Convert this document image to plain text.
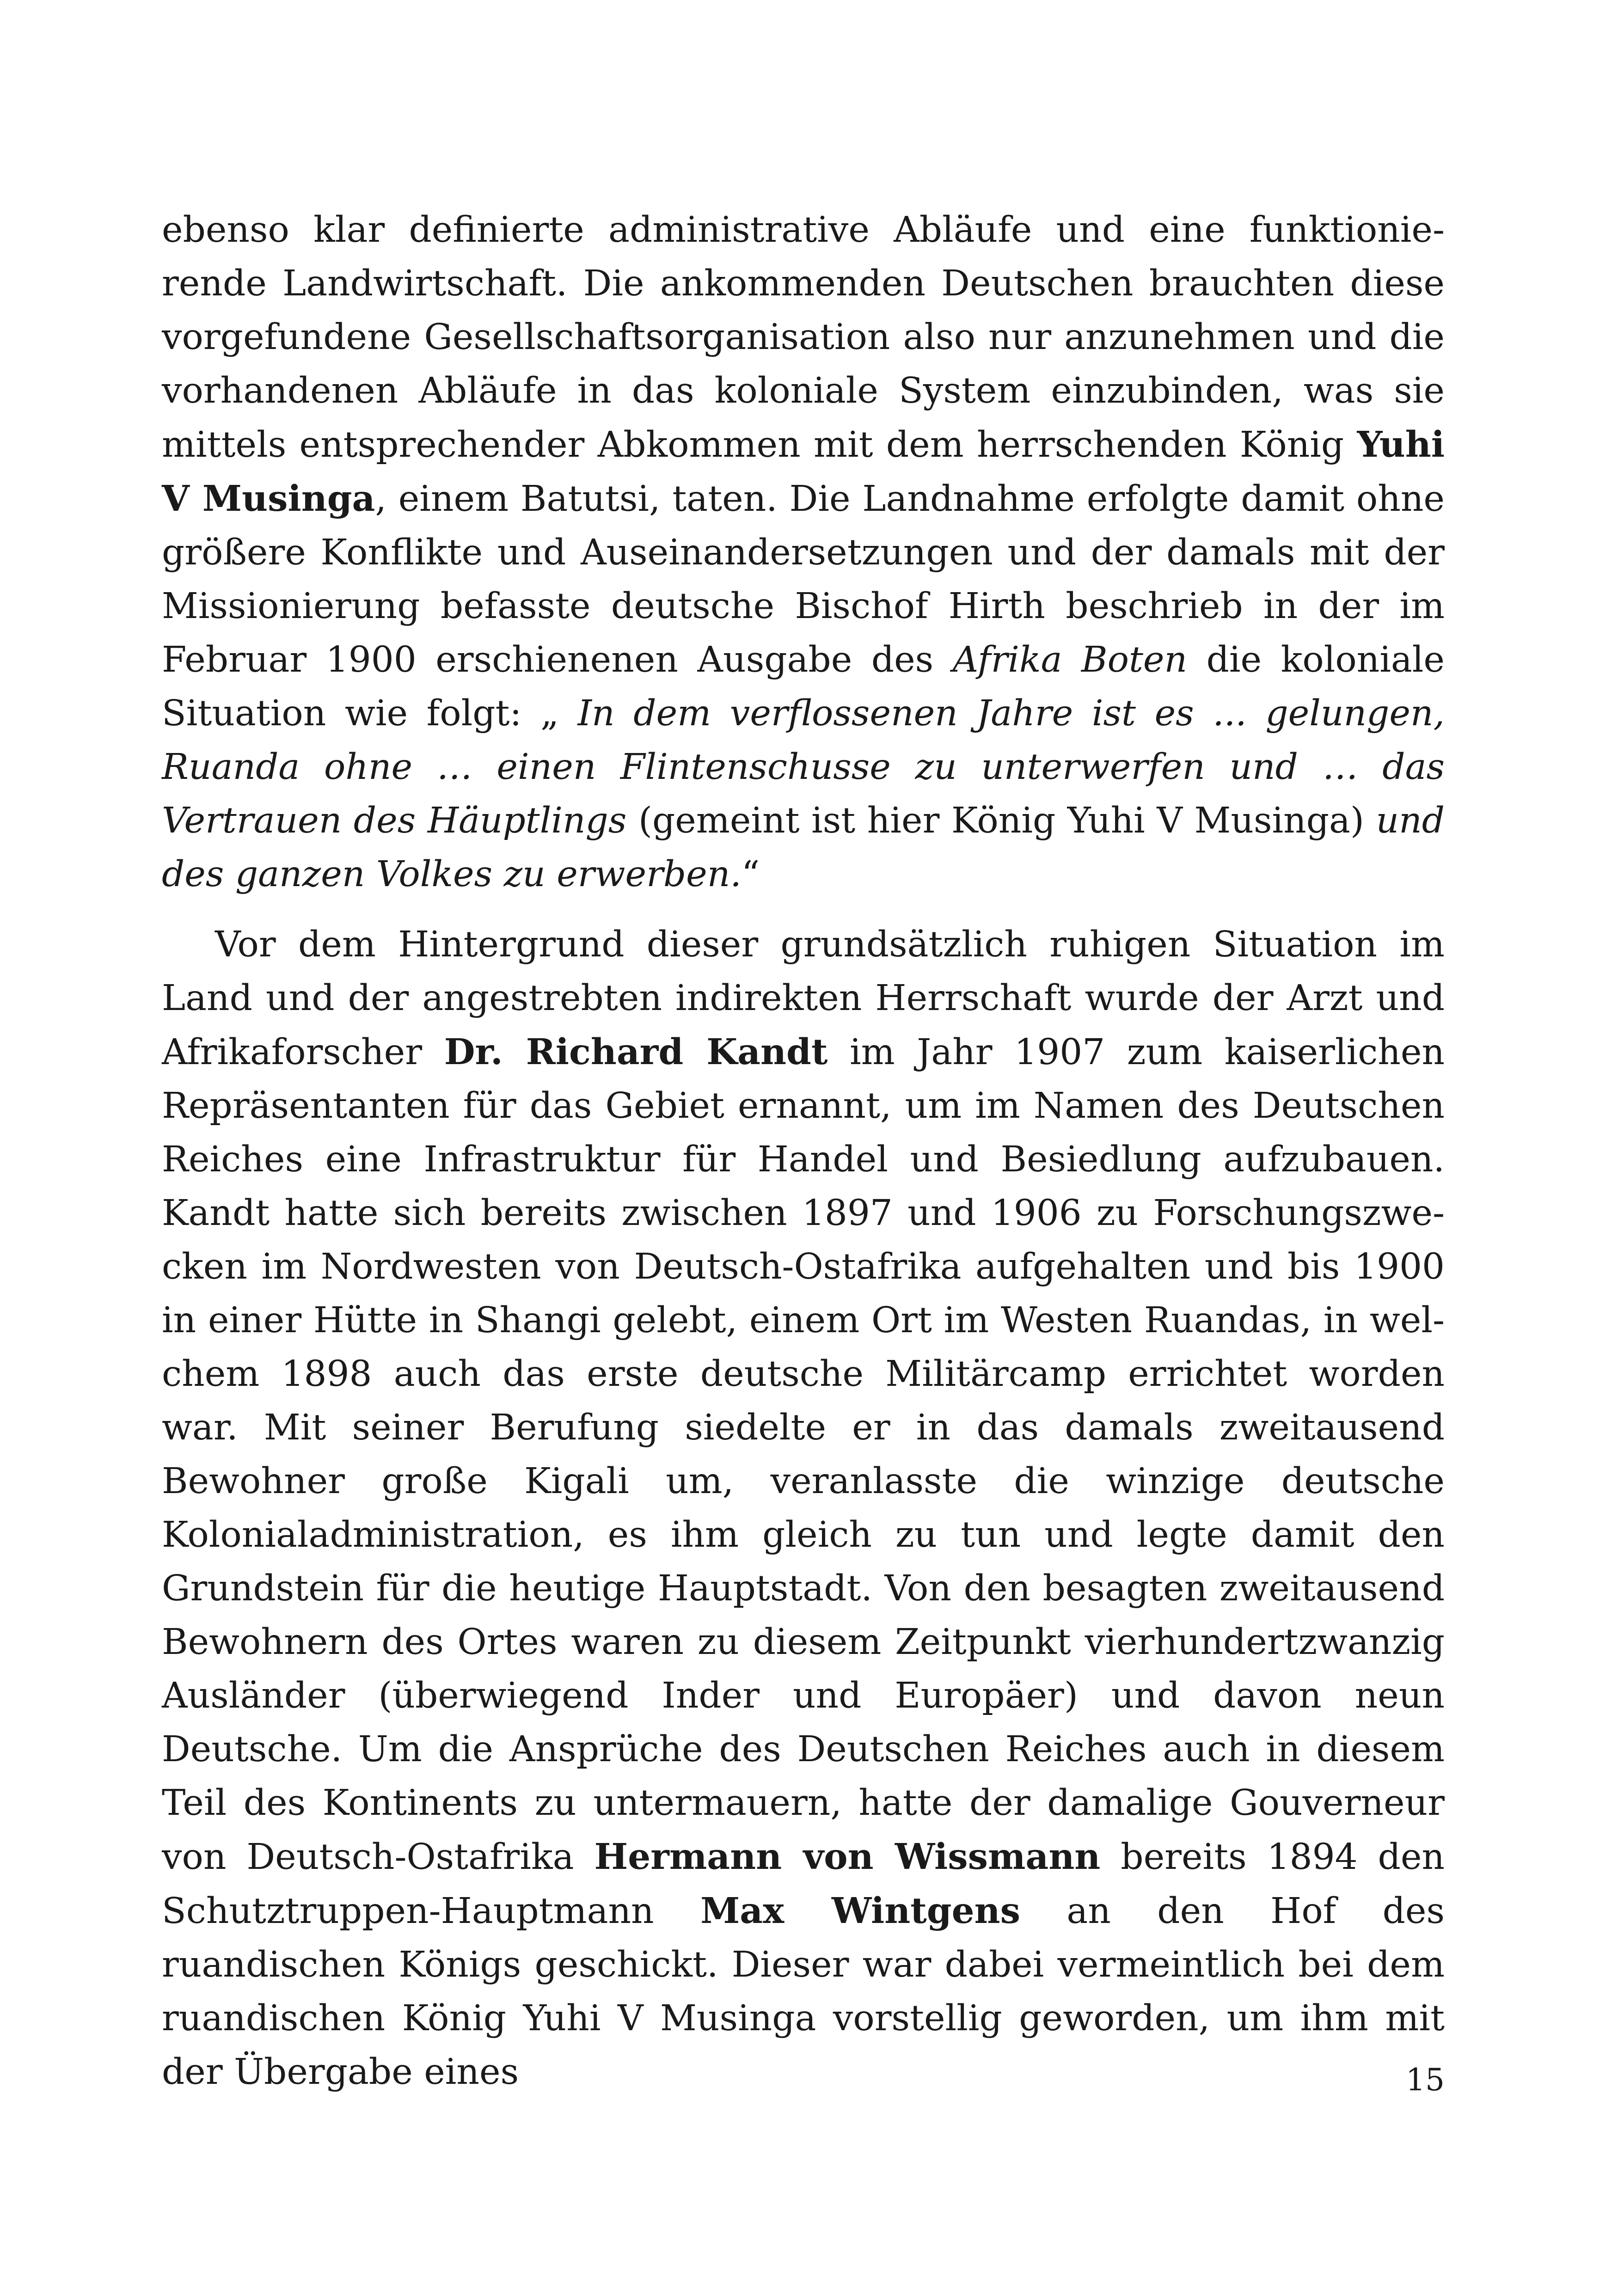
ebenso klar definierte administrative Abläufe und eine funktionierende Landwirtschaft. Die ankommenden Deutschen brauchten diese vorgefundene Gesellschaftsorganisation also nur anzunehmen und die vorhandenen Abläufe in das koloniale System einzubinden, was sie mittels entsprechender Abkommen mit dem herrschenden König Yuhi V Musinga, einem Batutsi, taten. Die Landnahme erfolgte damit ohne größere Konflikte und Auseinandersetzungen und der damals mit der Missionierung befasste deutsche Bischof Hirth beschrieb in der im Februar 1900 erschienenen Ausgabe des Afrika Boten die koloniale Situation wie folgt: „ In dem verflossenen Jahre ist es ... gelungen, Ruanda ohne … einen Flintenschusse zu unterwerfen und … das Vertrauen des Häuptlings (gemeint ist hier König Yuhi V Musinga) und des ganzen Volkes zu erwerben.“

Vor dem Hintergrund dieser grundsätzlich ruhigen Situation im Land und der angestrebten indirekten Herrschaft wurde der Arzt und Afrikaforscher Dr. Richard Kandt im Jahr 1907 zum kaiserlichen Repräsentanten für das Gebiet ernannt, um im Namen des Deutschen Reiches eine Infrastruktur für Handel und Besiedlung aufzubauen. Kandt hatte sich bereits zwischen 1897 und 1906 zu Forschungszwecken im Nordwesten von Deutsch-Ostafrika aufgehalten und bis 1900 in einer Hütte in Shangi gelebt, einem Ort im Westen Ruandas, in welchem 1898 auch das erste deutsche Militärcamp errichtet worden war. Mit seiner Berufung siedelte er in das damals zweitausend Bewohner große Kigali um, veranlasste die winzige deutsche Kolonialadministration, es ihm gleich zu tun und legte damit den Grundstein für die heutige Hauptstadt. Von den besagten zweitausend Bewohnern des Ortes waren zu diesem Zeitpunkt vierhundertzwanzig Ausländer (überwiegend Inder und Europäer) und davon neun Deutsche. Um die Ansprüche des Deutschen Reiches auch in diesem Teil des Kontinents zu untermauern, hatte der damalige Gouverneur von Deutsch-Ostafrika Hermann von Wissmann bereits 1894 den Schutztruppen-Hauptmann Max Wintgens an den Hof des ruandischen Königs geschickt. Dieser war dabei vermeintlich bei dem ruandischen König Yuhi V Musinga vorstellig geworden, um ihm mit der Übergabe eines	15
